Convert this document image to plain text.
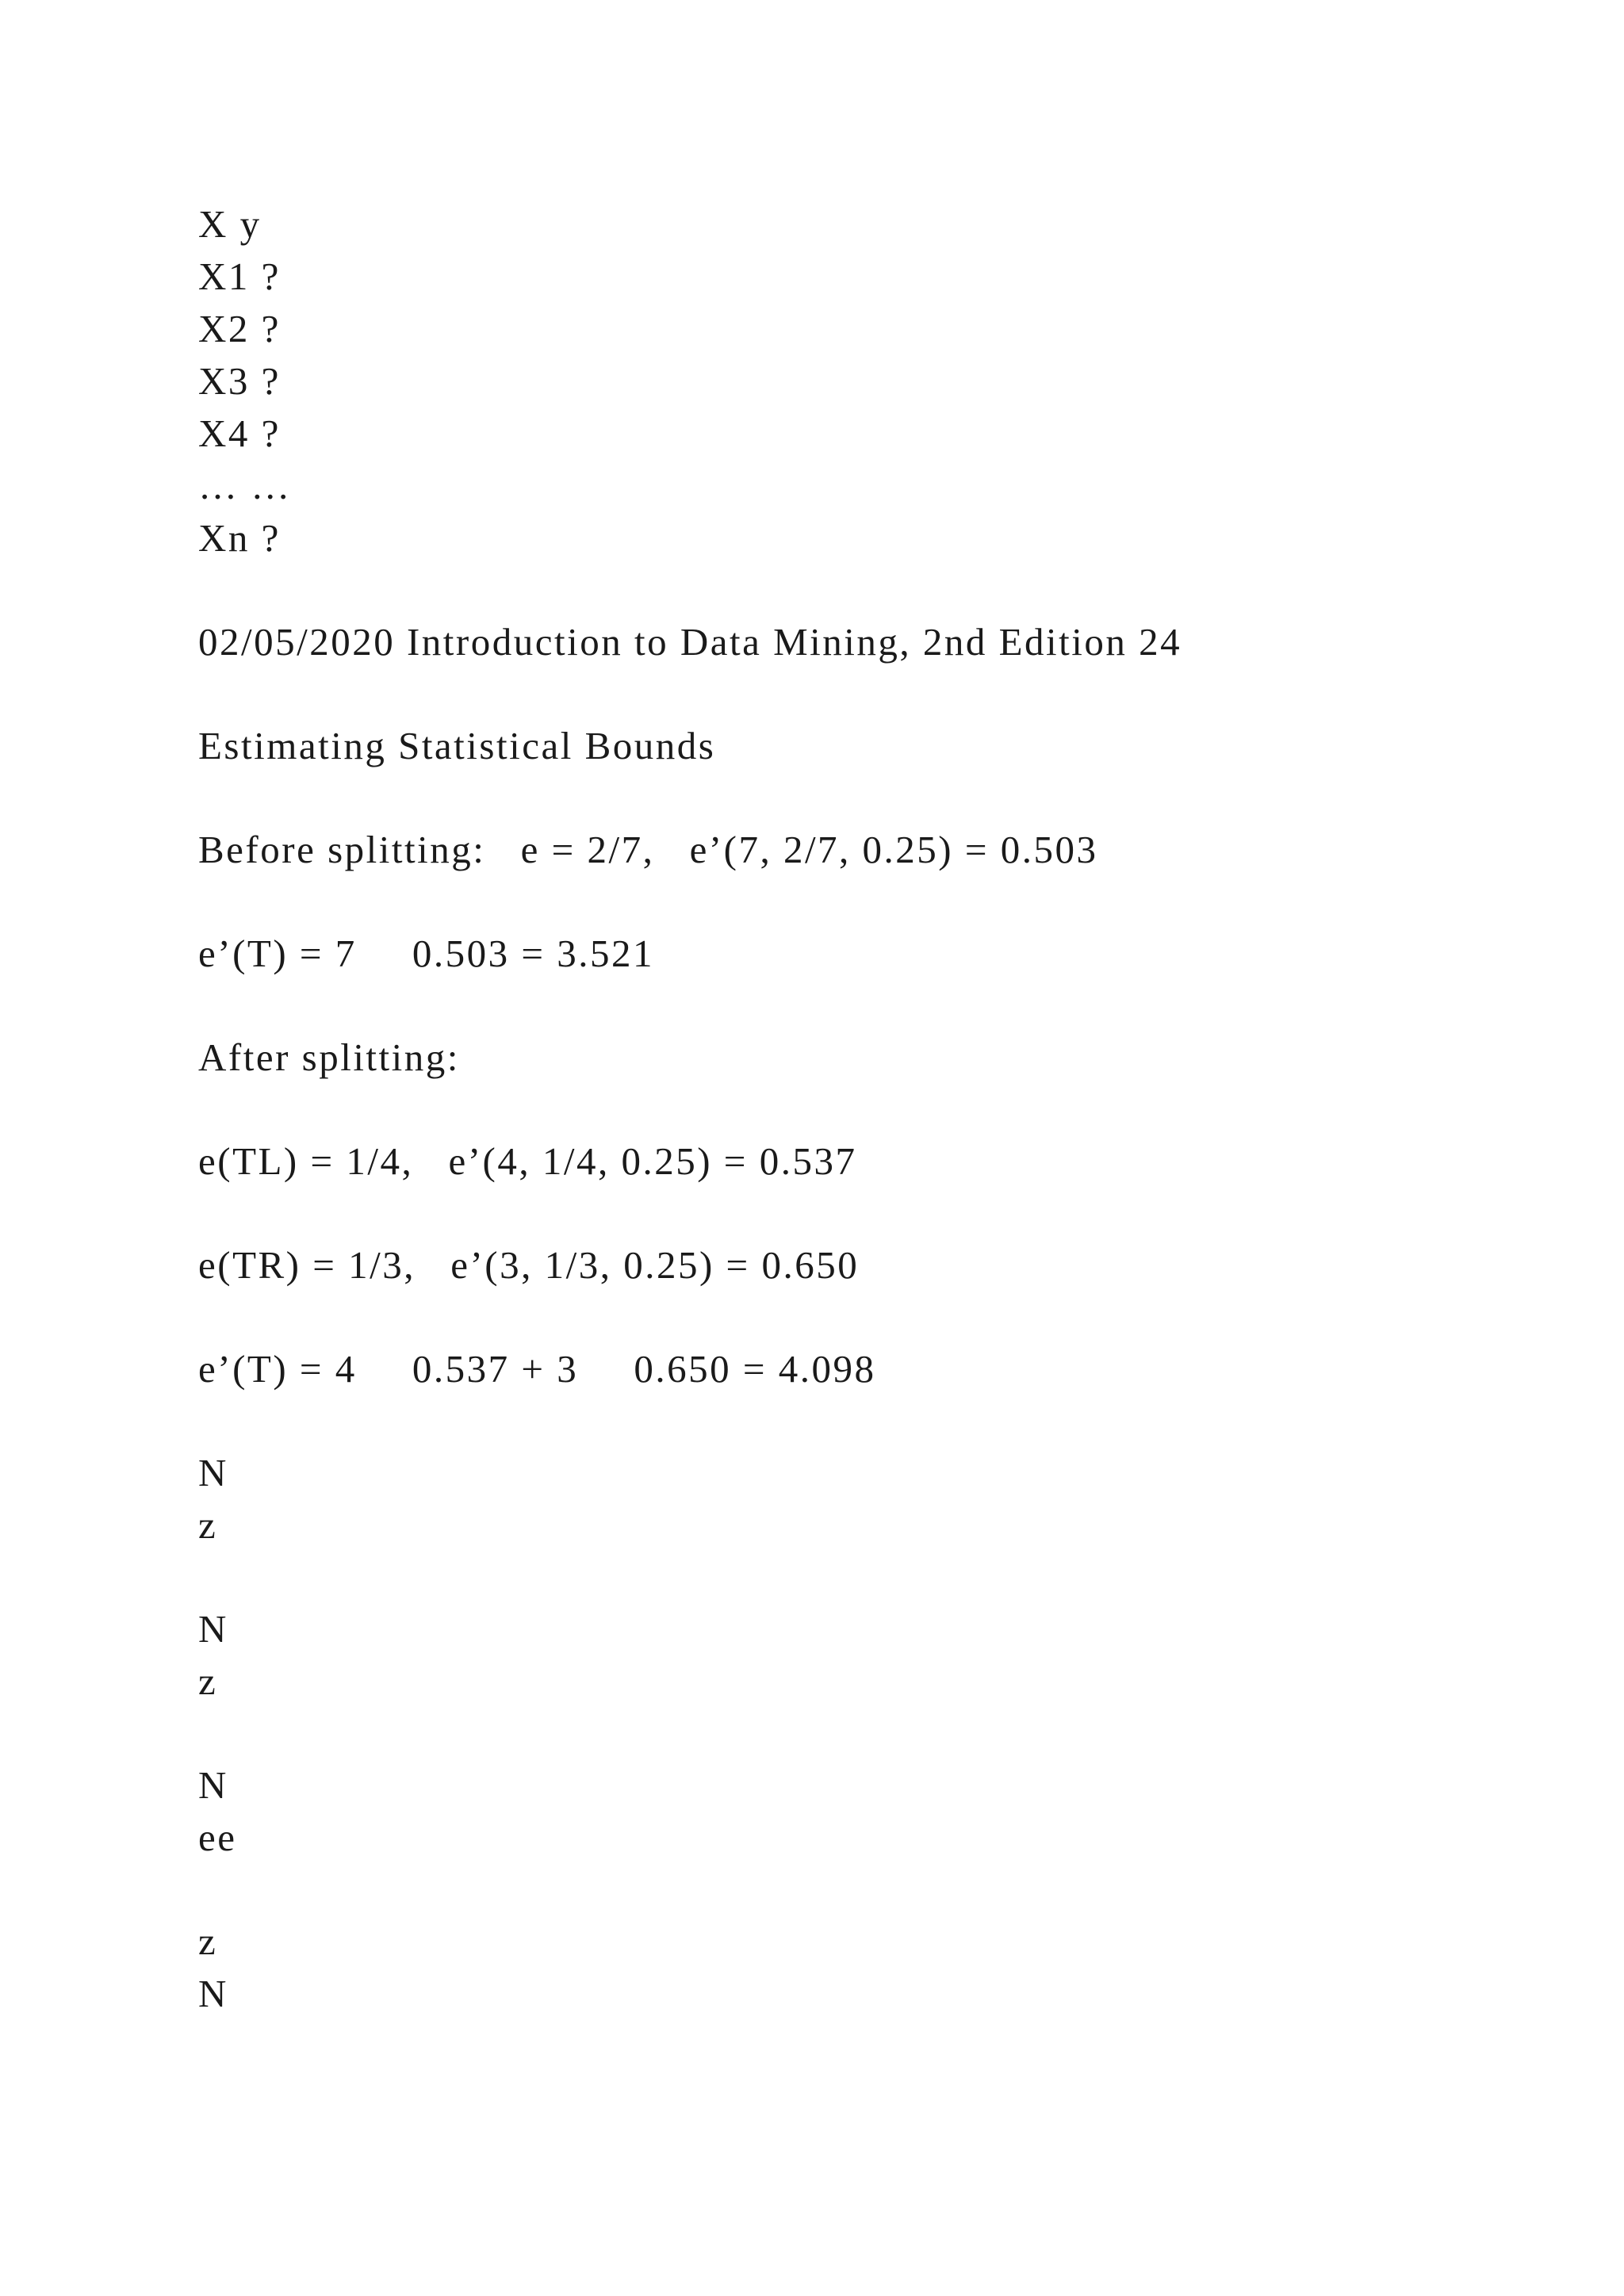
X y

X1 ?

X2 ?

X3 ?

X4 ?

… …

Xn ?

02/05/2020 Introduction to Data Mining, 2nd Edition 24

Estimating Statistical Bounds

Before splitting:   e = 2/7,   e’(7, 2/7, 0.25) = 0.503

e’(T) = 7   0.503 = 3.521

After splitting:

e(TL) = 1/4,   e’(4, 1/4, 0.25) = 0.537

e(TR) = 1/3,   e’(3, 1/3, 0.25) = 0.650

e’(T) = 4   0.537 + 3   0.650 = 4.098

N

z

N

z

N

ee

z

N
